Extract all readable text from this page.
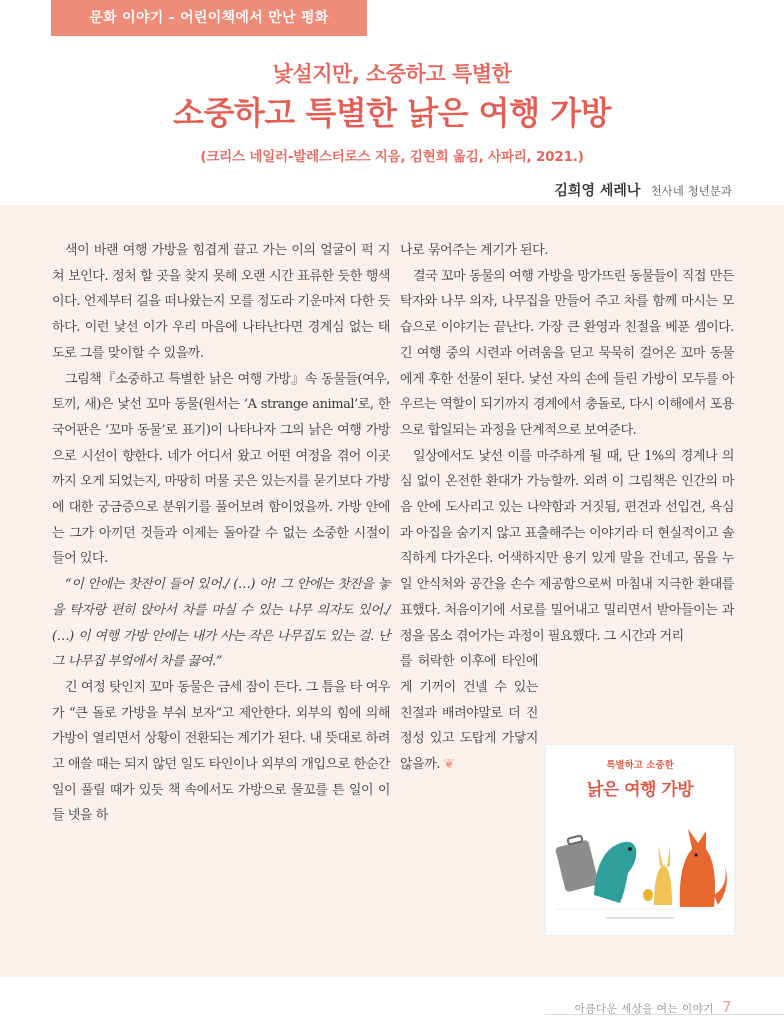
문화 이야기 - 어린이책에서 만난 평화
낯설지만, 소중하고 특별한
소중하고 특별한 낡은 여행 가방
(크리스 네일러-발레스터로스 지음, 김현희 옮김, 사파리, 2021.)
김희영 세레나 천사네 청년분과

색이 바랜 여행 가방을 힘겹게 끌고 가는 이의 얼굴이 퍽 지쳐 보인다. 정처 할 곳을 찾지 못해 오랜 시간 표류한 듯한 행색이다. 언제부터 길을 떠나왔는지 모를 정도라 기운마저 다한 듯하다. 이런 낯선 이가 우리 마음에 나타난다면 경계심 없는 태도로 그를 맞이할 수 있을까.

그림책『소중하고 특별한 낡은 여행 가방』속 동물들(여우, 토끼, 새)은 낯선 꼬마 동물(원서는 ‘A strange animal’로, 한국어판은 ‘꼬마 동물’로 표기)이 나타나자 그의 낡은 여행 가방으로 시선이 향한다. 네가 어디서 왔고 어떤 여정을 겪어 이곳까지 오게 되었는지, 마땅히 머물 곳은 있는지를 묻기보다 가방에 대한 궁금증으로 분위기를 풀어보려 함이었을까. 가방 안에는 그가 아끼던 것들과 이제는 돌아갈 수 없는 소중한 시절이 들어 있다.

“이 안에는 찻잔이 들어 있어./ (…) 아! 그 안에는 찻잔을 놓을 탁자랑 편히 앉아서 차를 마실 수 있는 나무 의자도 있어./ (…) 이 여행 가방 안에는 내가 사는 작은 나무집도 있는 걸. 난 그 나무집 부엌에서 차를 끓여.”

긴 여정 탓인지 꼬마 동물은 금세 잠이 든다. 그 틈을 타 여우가 “큰 돌로 가방을 부숴 보자”고 제안한다. 외부의 힘에 의해 가방이 열리면서 상황이 전환되는 계기가 된다. 내 뜻대로 하려고 애쓸 때는 되지 않던 일도 타인이나 외부의 개입으로 한순간 일이 풀릴 때가 있듯 책 속에서도 가방으로 물꼬를 튼 일이 이들 넷을 하

나로 묶어주는 계기가 된다.

결국 꼬마 동물의 여행 가방을 망가뜨린 동물들이 직접 만든 탁자와 나무 의자, 나무집을 만들어 주고 차를 함께 마시는 모습으로 이야기는 끝난다. 가장 큰 환영과 친절을 베푼 셈이다. 긴 여행 중의 시련과 어려움을 딛고 묵묵히 걸어온 꼬마 동물에게 후한 선물이 된다. 낯선 자의 손에 들린 가방이 모두를 아우르는 역할이 되기까지 경계에서 충돌로, 다시 이해에서 포용으로 합일되는 과정을 단계적으로 보여준다.

일상에서도 낯선 이를 마주하게 될 때, 단 1%의 경계나 의심 없이 온전한 환대가 가능할까. 외려 이 그림책은 인간의 마음 안에 도사리고 있는 나약함과 거짓됨, 편견과 선입견, 욕심과 아집을 숨기지 않고 표출해주는 이야기라 더 현실적이고 솔직하게 다가온다. 어색하지만 용기 있게 말을 건네고, 몸을 누일 안식처와 공간을 손수 제공함으로써 마침내 지극한 환대를 표했다. 처음이기에 서로를 밀어내고 밀리면서 받아들이는 과정을 몸소 겪어가는 과정이 필요했다. 그 시간과 거리

를 허락한 이후에 타인에게 기꺼이 건넬 수 있는 친절과 배려야말로 더 진정성 있고 도탑게 가닿지 않을까. ❦	특별하고 소중한
낡은 여행 가방
아름다운 세상을 여는 이야기 7
